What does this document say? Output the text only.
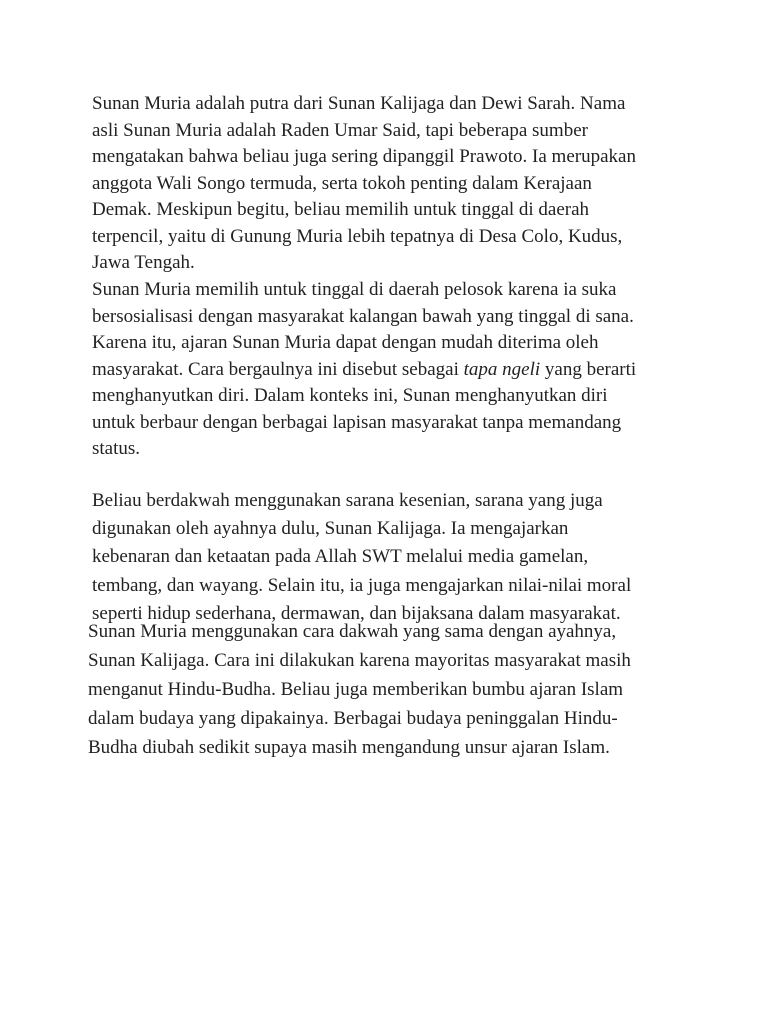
Sunan Muria adalah putra dari Sunan Kalijaga dan Dewi Sarah. Nama
asli Sunan Muria adalah Raden Umar Said, tapi beberapa sumber
mengatakan bahwa beliau juga sering dipanggil Prawoto. Ia merupakan
anggota Wali Songo termuda, serta tokoh penting dalam Kerajaan
Demak. Meskipun begitu, beliau memilih untuk tinggal di daerah
terpencil, yaitu di Gunung Muria lebih tepatnya di Desa Colo, Kudus,
Jawa Tengah.
Sunan Muria memilih untuk tinggal di daerah pelosok karena ia suka
bersosialisasi dengan masyarakat kalangan bawah yang tinggal di sana.
Karena itu, ajaran Sunan Muria dapat dengan mudah diterima oleh
masyarakat. Cara bergaulnya ini disebut sebagai tapa ngeli yang berarti
menghanyutkan diri. Dalam konteks ini, Sunan menghanyutkan diri
untuk berbaur dengan berbagai lapisan masyarakat tanpa memandang
status.
Beliau berdakwah menggunakan sarana kesenian, sarana yang juga
digunakan oleh ayahnya dulu, Sunan Kalijaga. Ia mengajarkan
kebenaran dan ketaatan pada Allah SWT melalui media gamelan,
tembang, dan wayang. Selain itu, ia juga mengajarkan nilai-nilai moral
seperti hidup sederhana, dermawan, dan bijaksana dalam masyarakat.
Sunan Muria menggunakan cara dakwah yang sama dengan ayahnya,
Sunan Kalijaga. Cara ini dilakukan karena mayoritas masyarakat masih
menganut Hindu-Budha. Beliau juga memberikan bumbu ajaran Islam
dalam budaya yang dipakainya. Berbagai budaya peninggalan Hindu-
Budha diubah sedikit supaya masih mengandung unsur ajaran Islam.
